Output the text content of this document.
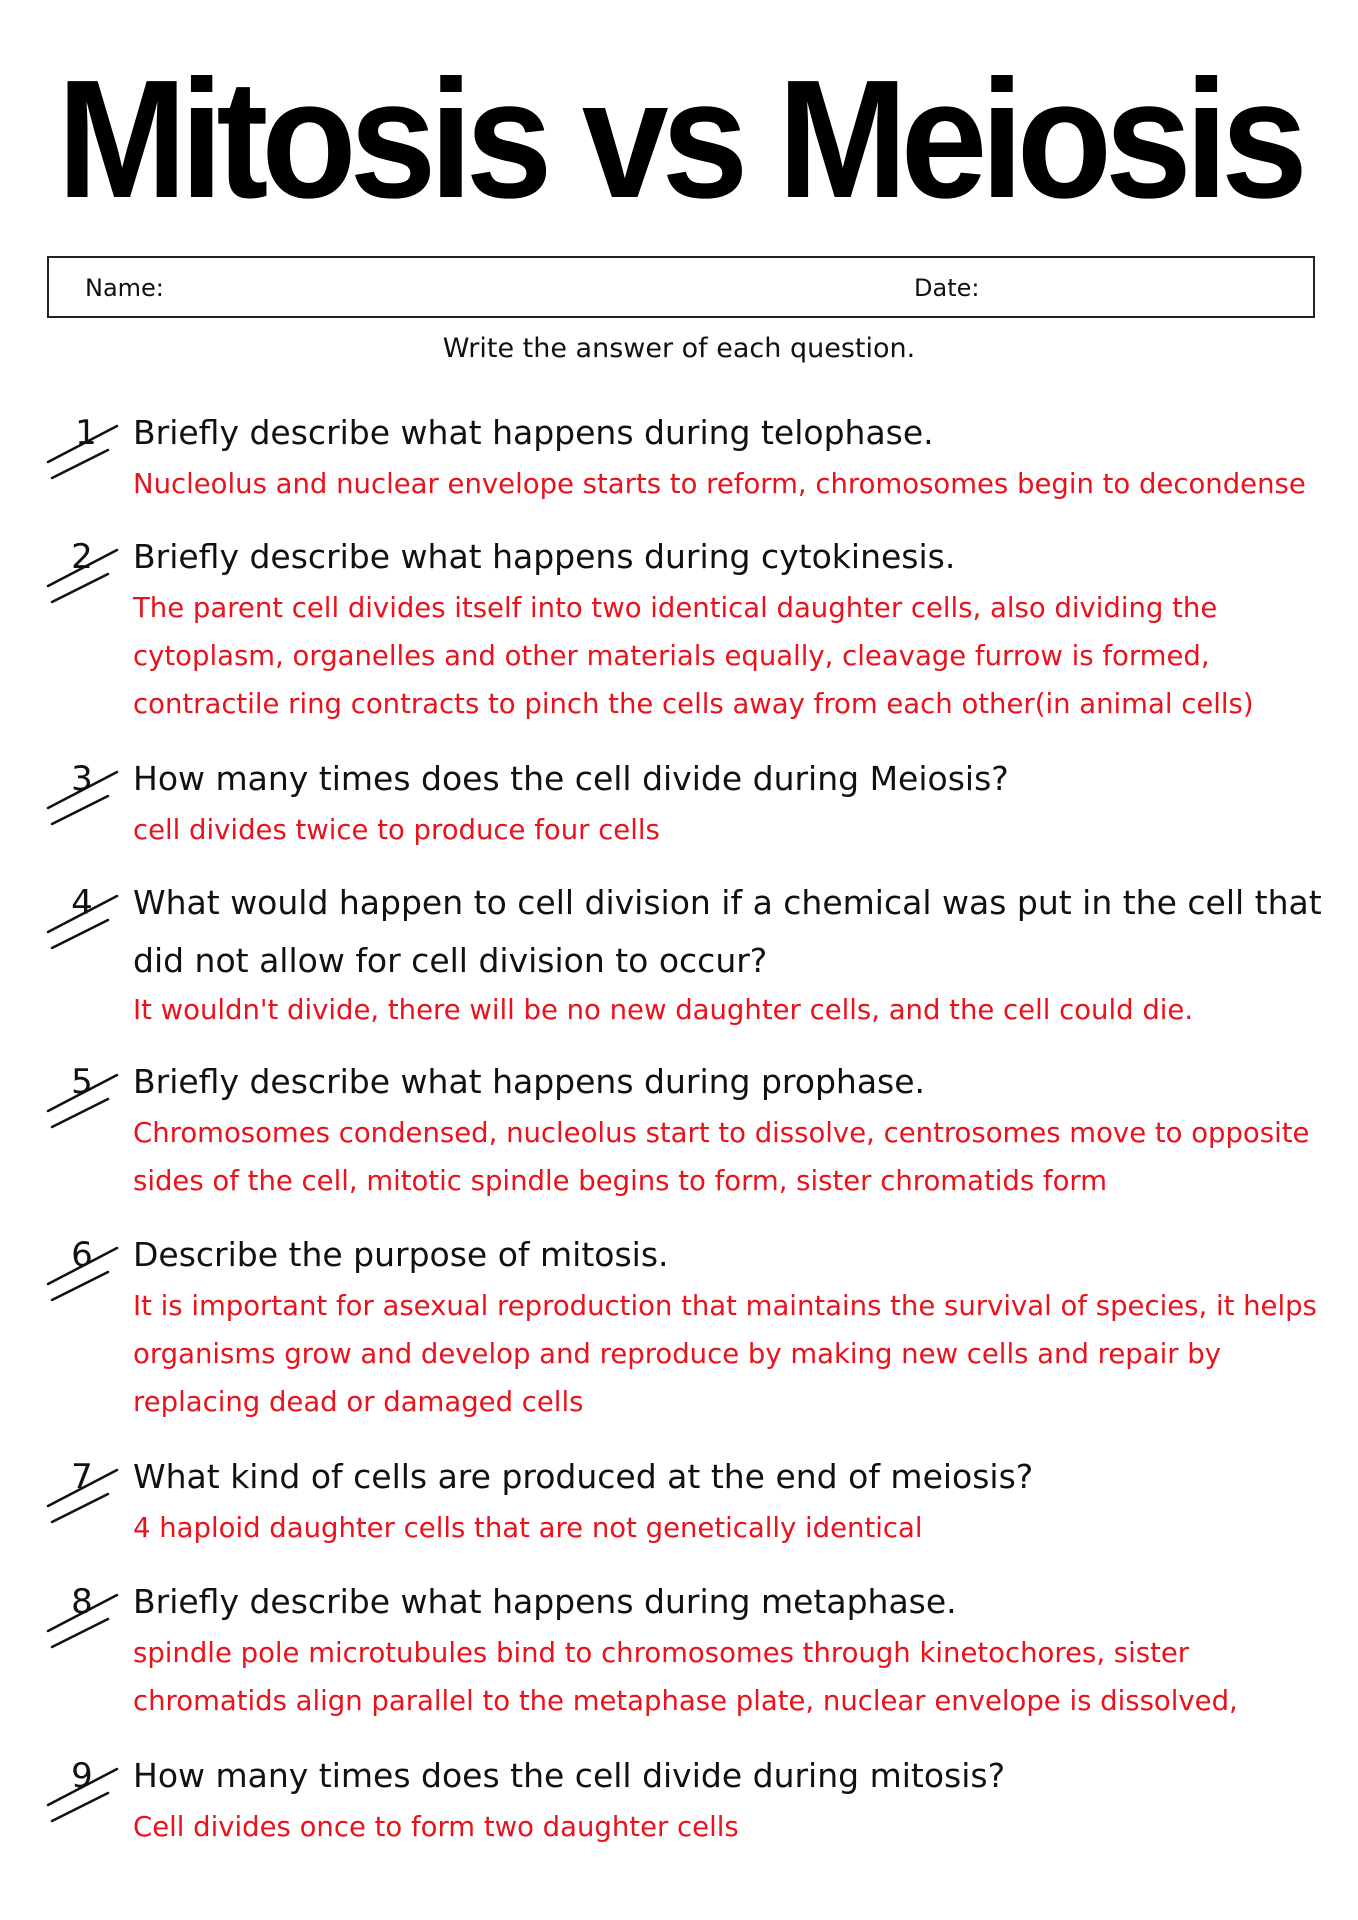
Mitosis vs Meiosis
Name:	Date:
Write the answer of each question.
1 Briefly describe what happens during telophase.
Nucleolus and nuclear envelope starts to reform, chromosomes begin to decondense
2 Briefly describe what happens during cytokinesis.
The parent cell divides itself into two identical daughter cells, also dividing the cytoplasm, organelles and other materials equally, cleavage furrow is formed, contractile ring contracts to pinch the cells away from each other(in animal cells)
3 How many times does the cell divide during Meiosis?
cell divides twice to produce four cells
4 What would happen to cell division if a chemical was put in the cell that did not allow for cell division to occur?
It wouldn't divide, there will be no new daughter cells, and the cell could die.
5 Briefly describe what happens during prophase.
Chromosomes condensed, nucleolus start to dissolve, centrosomes move to opposite sides of the cell, mitotic spindle begins to form, sister chromatids form
6 Describe the purpose of mitosis.
It is important for asexual reproduction that maintains the survival of species, it helps organisms grow and develop and reproduce by making new cells and repair by replacing dead or damaged cells
7 What kind of cells are produced at the end of meiosis?
4 haploid daughter cells that are not genetically identical
8 Briefly describe what happens during metaphase.
spindle pole microtubules bind to chromosomes through kinetochores, sister chromatids align parallel to the metaphase plate, nuclear envelope is dissolved,
9 How many times does the cell divide during mitosis?
Cell divides once to form two daughter cells
